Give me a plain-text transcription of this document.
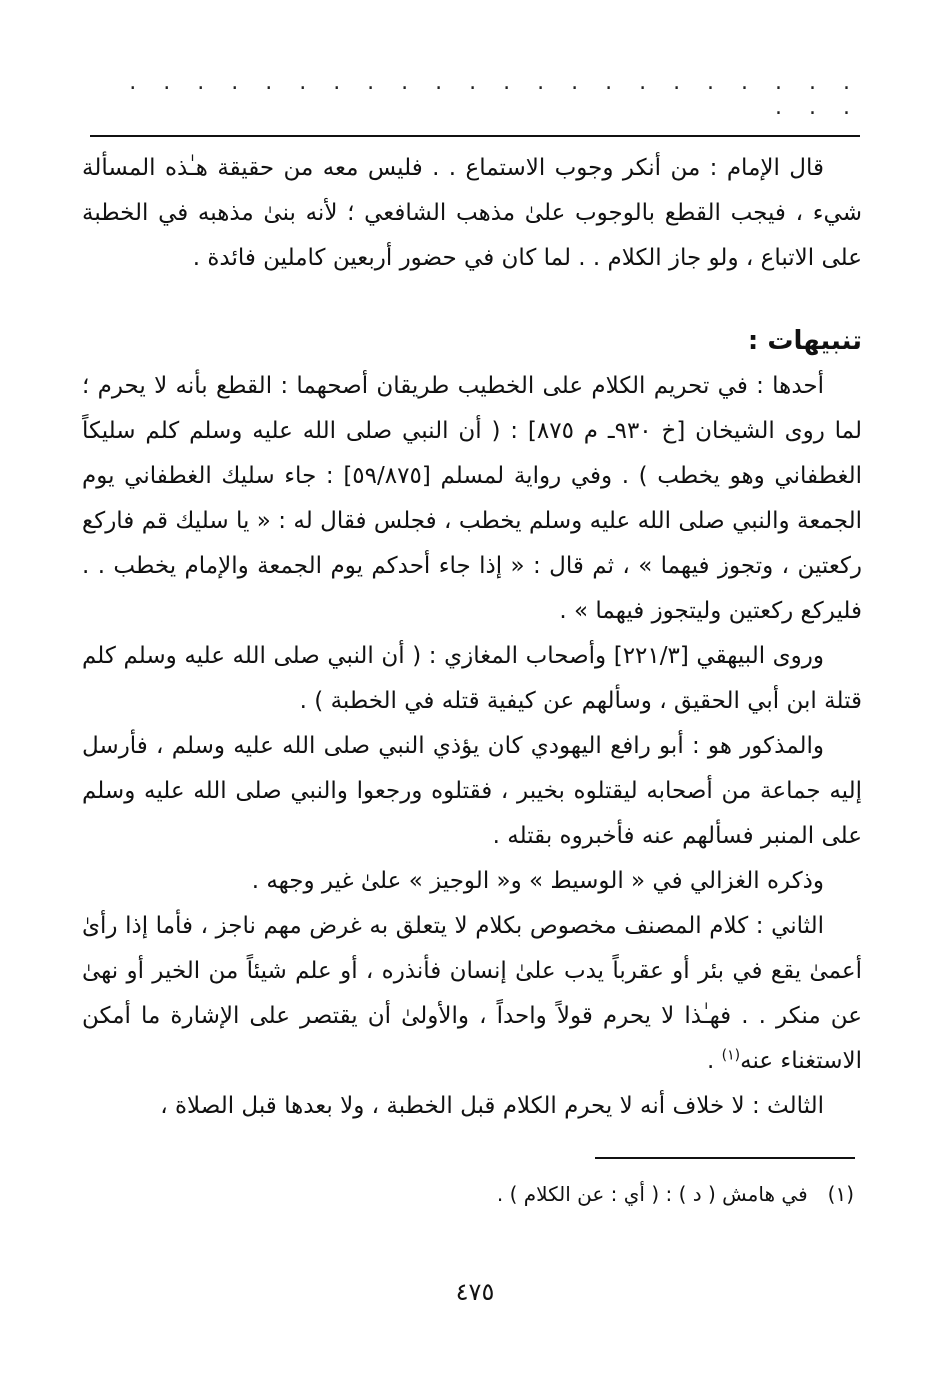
. . . . . . . . . . . . . . . . . . . . . . . . .

قال الإمام : من أنكر وجوب الاستماع . . فليس معه من حقيقة هـٰذه المسألة شيء ، فيجب القطع بالوجوب علىٰ مذهب الشافعي ؛ لأنه بنىٰ مذهبه في الخطبة على الاتباع ، ولو جاز الكلام . . لما كان في حضور أربعين كاملين فائدة .

تنبيهات :

أحدها : في تحريم الكلام على الخطيب طريقان أصحهما : القطع بأنه لا يحرم ؛ لما روى الشيخان [خ ٩٣٠ـ م ٨٧٥] : ( أن النبي صلى الله عليه وسلم كلم سليكاً الغطفاني وهو يخطب ) . وفي رواية لمسلم [٥٩/٨٧٥] : جاء سليك الغطفاني يوم الجمعة والنبي صلى الله عليه وسلم يخطب ، فجلس فقال له : « يا سليك قم فاركع ركعتين ، وتجوز فيهما » ، ثم قال : « إذا جاء أحدكم يوم الجمعة والإمام يخطب . . فليركع ركعتين وليتجوز فيهما » .

وروى البيهقي [٢٢١/٣] وأصحاب المغازي : ( أن النبي صلى الله عليه وسلم كلم قتلة ابن أبي الحقيق ، وسألهم عن كيفية قتله في الخطبة ) .

والمذكور هو : أبو رافع اليهودي كان يؤذي النبي صلى الله عليه وسلم ، فأرسل إليه جماعة من أصحابه ليقتلوه بخيبر ، فقتلوه ورجعوا والنبي صلى الله عليه وسلم على المنبر فسألهم عنه فأخبروه بقتله .

وذكره الغزالي في « الوسيط » و« الوجيز » علىٰ غير وجهه .

الثاني : كلام المصنف مخصوص بكلام لا يتعلق به غرض مهم ناجز ، فأما إذا رأىٰ أعمىٰ يقع في بئر أو عقرباً يدب علىٰ إنسان فأنذره ، أو علم شيئاً من الخير أو نهىٰ عن منكر . . فهـٰذا لا يحرم قولاً واحداً ، والأولىٰ أن يقتصر على الإشارة ما أمكن الاستغناء عنه$^{(١)}$ .

الثالث : لا خلاف أنه لا يحرم الكلام قبل الخطبة ، ولا بعدها قبل الصلاة ،

(١)في هامش ( د ) : ( أي : عن الكلام ) .
٤٧٥
